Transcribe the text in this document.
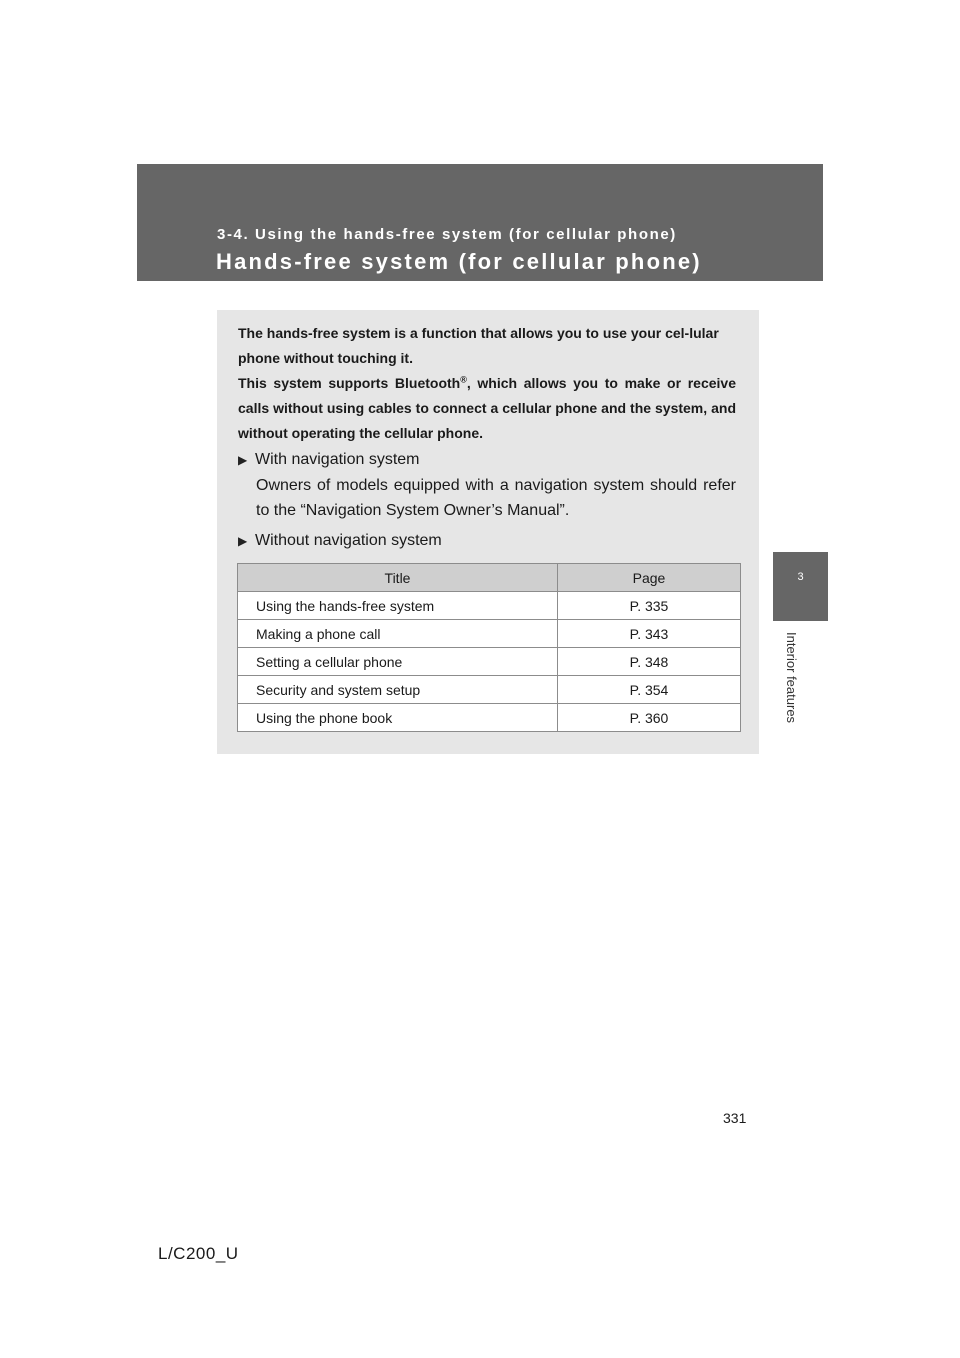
3-4. Using the hands-free system (for cellular phone)
Hands-free system (for cellular phone)
3
Interior features
The hands-free system is a function that allows you to use your cel-lular phone without touching it.
This system supports Bluetooth®, which allows you to make or receive calls without using cables to connect a cellular phone and the system, and without operating the cellular phone.
▶ With navigation system
Owners of models equipped with a navigation system should refer to the “Navigation System Owner’s Manual”.
▶ Without navigation system
Title	Page
Using the hands-free system	P. 335
Making a phone call	P. 343
Setting a cellular phone	P. 348
Security and system setup	P. 354
Using the phone book	P. 360
331
L/C200_U
